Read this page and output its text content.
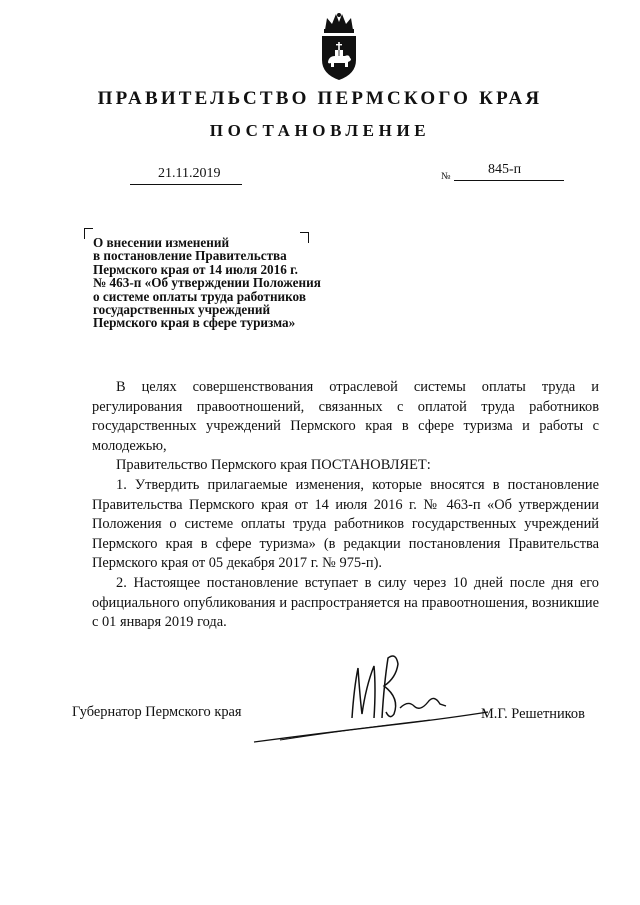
ПРАВИТЕЛЬСТВО ПЕРМСКОГО КРАЯ
ПОСТАНОВЛЕНИЕ
21.11.2019	№	845-п
О внесении изменений
в постановление Правительства
Пермского края от 14 июля 2016 г.
№ 463-п «Об утверждении Положения
о системе оплаты труда работников
государственных учреждений
Пермского края в сфере туризма»

В целях совершенствования отраслевой системы оплаты труда и регулирования правоотношений, связанных с оплатой труда работников государственных учреждений Пермского края в сфере туризма и работы с молодежью,

Правительство Пермского края ПОСТАНОВЛЯЕТ:

1. Утвердить прилагаемые изменения, которые вносятся в постановление Правительства Пермского края от 14 июля 2016 г. № 463-п «Об утверждении Положения о системе оплаты труда работников государственных учреждений Пермского края в сфере туризма» (в редакции постановления Правительства Пермского края от 05 декабря 2017 г. № 975-п).

2. Настоящее постановление вступает в силу через 10 дней после дня его официального опубликования и распространяется на правоотношения, возникшие с 01 января 2019 года.

Губернатор Пермского края	М.Г. Решетников
